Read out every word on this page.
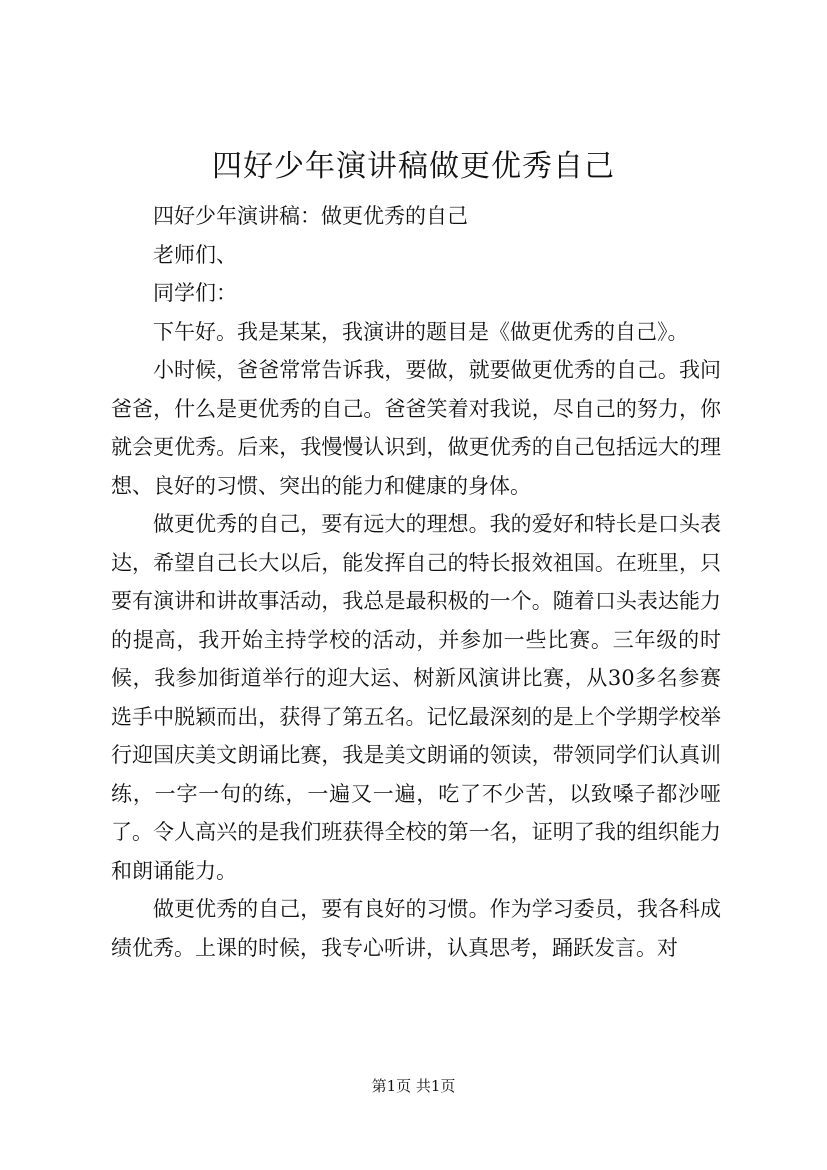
四好少年演讲稿做更优秀自己

四好少年演讲稿：做更优秀的自己

老师们、

同学们：

下午好。我是某某，我演讲的题目是《做更优秀的自己》。

小时候，爸爸常常告诉我，要做，就要做更优秀的自己。我问爸爸，什么是更优秀的自己。爸爸笑着对我说，尽自己的努力，你就会更优秀。后来，我慢慢认识到，做更优秀的自己包括远大的理想、良好的习惯、突出的能力和健康的身体。

做更优秀的自己，要有远大的理想。我的爱好和特长是口头表达，希望自己长大以后，能发挥自己的特长报效祖国。在班里，只要有演讲和讲故事活动，我总是最积极的一个。随着口头表达能力的提高，我开始主持学校的活动，并参加一些比赛。三年级的时候，我参加街道举行的迎大运、树新风演讲比赛，从30多名参赛选手中脱颖而出，获得了第五名。记忆最深刻的是上个学期学校举行迎国庆美文朗诵比赛，我是美文朗诵的领读，带领同学们认真训练，一字一句的练，一遍又一遍，吃了不少苦，以致嗓子都沙哑了。令人高兴的是我们班获得全校的第一名，证明了我的组织能力和朗诵能力。

做更优秀的自己，要有良好的习惯。作为学习委员，我各科成绩优秀。上课的时候，我专心听讲，认真思考，踊跃发言。对

第1页 共1页
